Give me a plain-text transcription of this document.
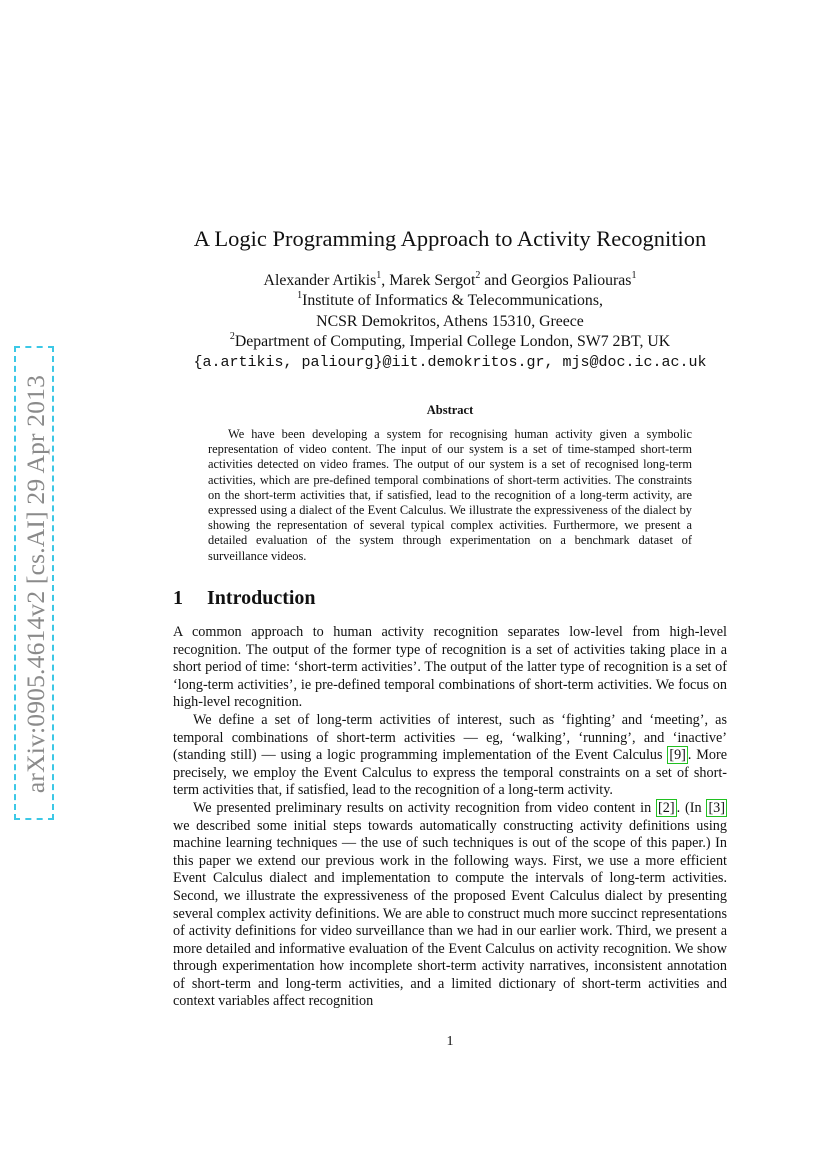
arXiv:0905.4614v2 [cs.AI] 29 Apr 2013
A Logic Programming Approach to Activity Recognition
Alexander Artikis$^1$, Marek Sergot$^2$ and Georgios Paliouras$^1$
$^1$Institute of Informatics & Telecommunications,
NCSR Demokritos, Athens 15310, Greece
$^2$Department of Computing, Imperial College London, SW7 2BT, UK
{a.artikis, paliourg}@iit.demokritos.gr, mjs@doc.ic.ac.uk
Abstract

We have been developing a system for recognising human activity given a symbolic representation of video content. The input of our system is a set of time-stamped short-term activities detected on video frames. The output of our system is a set of recognised long-term activities, which are pre-defined temporal combinations of short-term activities. The constraints on the short-term activities that, if satisfied, lead to the recognition of a long-term activity, are expressed using a dialect of the Event Calculus. We illustrate the expressiveness of the dialect by showing the representation of several typical complex activities. Furthermore, we present a detailed evaluation of the system through experimentation on a benchmark dataset of surveillance videos.

1 Introduction

A common approach to human activity recognition separates low-level from high-level recognition. The output of the former type of recognition is a set of activities taking place in a short period of time: ‘short-term activities’. The output of the latter type of recognition is a set of ‘long-term activities’, ie pre-defined temporal combinations of short-term activities. We focus on high-level recognition.

We define a set of long-term activities of interest, such as ‘fighting’ and ‘meeting’, as temporal combinations of short-term activities — eg, ‘walking’, ‘running’, and ‘inactive’ (standing still) — using a logic programming implementation of the Event Calculus [9] . More precisely, we employ the Event Calculus to express the temporal constraints on a set of short-term activities that, if satisfied, lead to the recognition of a long-term activity.

We presented preliminary results on activity recognition from video content in [2] . (In [3] we described some initial steps towards automatically constructing activity definitions using machine learning techniques — the use of such techniques is out of the scope of this paper.) In this paper we extend our previous work in the following ways. First, we use a more efficient Event Calculus dialect and implementation to compute the intervals of long-term activities. Second, we illustrate the expressiveness of the proposed Event Calculus dialect by presenting several complex activity definitions. We are able to construct much more succinct representations of activity definitions for video surveillance than we had in our earlier work. Third, we present a more detailed and informative evaluation of the Event Calculus on activity recognition. We show through experimentation how incomplete short-term activity narratives, inconsistent annotation of short-term and long-term activities, and a limited dictionary of short-term activities and context variables affect recognition

1
